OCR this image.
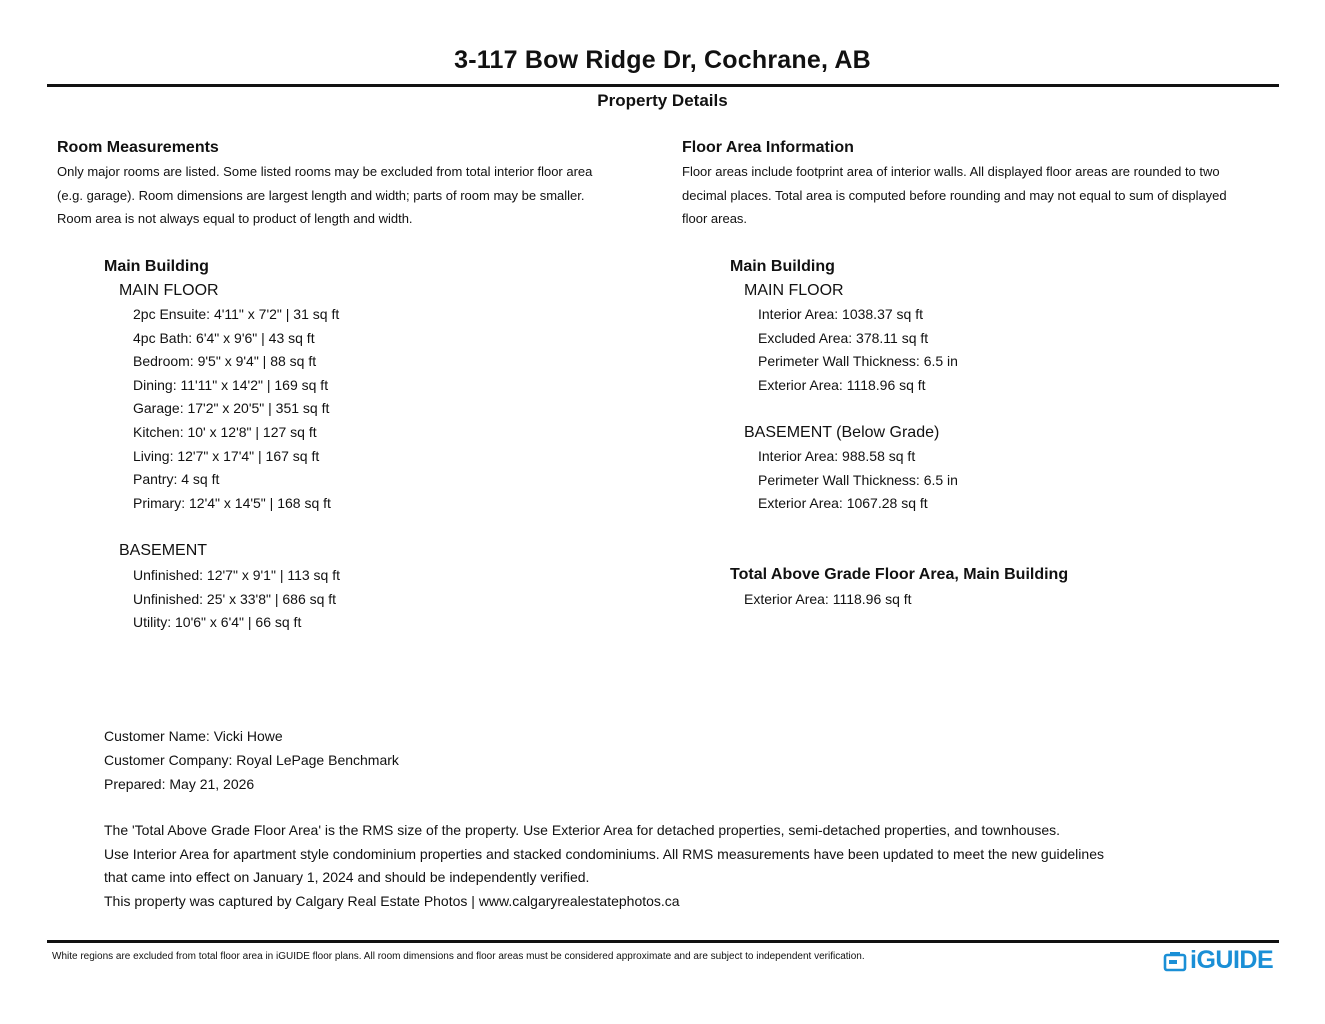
3-117 Bow Ridge Dr, Cochrane, AB
Property Details
Room Measurements
Only major rooms are listed. Some listed rooms may be excluded from total interior floor area
(e.g. garage). Room dimensions are largest length and width; parts of room may be smaller.
Room area is not always equal to product of length and width.
Main Building
MAIN FLOOR
2pc Ensuite: 4'11" x 7'2" | 31 sq ft
4pc Bath: 6'4" x 9'6" | 43 sq ft
Bedroom: 9'5" x 9'4" | 88 sq ft
Dining: 11'11" x 14'2" | 169 sq ft
Garage: 17'2" x 20'5" | 351 sq ft
Kitchen: 10' x 12'8" | 127 sq ft
Living: 12'7" x 17'4" | 167 sq ft
Pantry: 4 sq ft
Primary: 12'4" x 14'5" | 168 sq ft
BASEMENT
Unfinished: 12'7" x 9'1" | 113 sq ft
Unfinished: 25' x 33'8" | 686 sq ft
Utility: 10'6" x 6'4" | 66 sq ft
Floor Area Information
Floor areas include footprint area of interior walls. All displayed floor areas are rounded to two
decimal places. Total area is computed before rounding and may not equal to sum of displayed
floor areas.
Main Building
MAIN FLOOR
Interior Area: 1038.37 sq ft
Excluded Area: 378.11 sq ft
Perimeter Wall Thickness: 6.5 in
Exterior Area: 1118.96 sq ft
BASEMENT (Below Grade)
Interior Area: 988.58 sq ft
Perimeter Wall Thickness: 6.5 in
Exterior Area: 1067.28 sq ft
Total Above Grade Floor Area, Main Building
Exterior Area: 1118.96 sq ft
Customer Name: Vicki Howe
Customer Company: Royal LePage Benchmark
Prepared: May 21, 2026
The 'Total Above Grade Floor Area' is the RMS size of the property. Use Exterior Area for detached properties, semi-detached properties, and townhouses.
Use Interior Area for apartment style condominium properties and stacked condominiums. All RMS measurements have been updated to meet the new guidelines
that came into effect on January 1, 2024 and should be independently verified.
This property was captured by Calgary Real Estate Photos | www.calgaryrealestatephotos.ca
White regions are excluded from total floor area in iGUIDE floor plans. All room dimensions and floor areas must be considered approximate and are subject to independent verification.	iGUIDE
